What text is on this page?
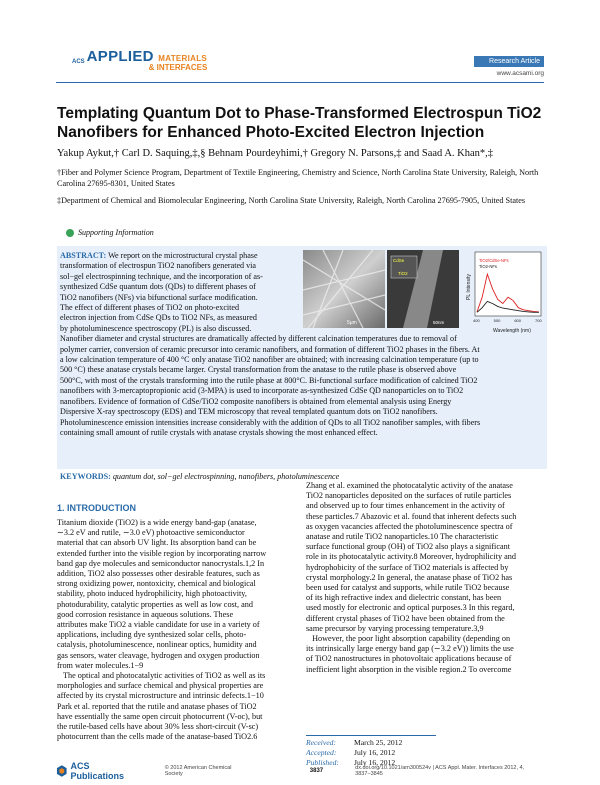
ACS APPLIED MATERIALS
& INTERFACES
Research Article
www.acsami.org
Templating Quantum Dot to Phase-Transformed Electrospun TiO2
Nanofibers for Enhanced Photo-Excited Electron Injection
Yakup Aykut,† Carl D. Saquing,‡,§ Behnam Pourdeyhimi,† Gregory N. Parsons,‡ and Saad A. Khan*,‡
†Fiber and Polymer Science Program, Department of Textile Engineering, Chemistry and Science, North Carolina State University, Raleigh, North Carolina 27695-8301, United States
‡Department of Chemical and Biomolecular Engineering, North Carolina State University, Raleigh, North Carolina 27695-7905, United States
Supporting Information
ABSTRACT: We report on the microstructural crystal phase
transformation of electrospun TiO2 nanofibers generated via
sol−gel electrospinning technique, and the incorporation of as-
synthesized CdSe quantum dots (QDs) to different phases of
TiO2 nanofibers (NFs) via bifunctional surface modification.
The effect of different phases of TiO2 on photo-excited
electron injection from CdSe QDs to TiO2 NFs, as measured
by photoluminescence spectroscopy (PL) is also discussed.
Nanofiber diameter and crystal structures are dramatically affected by different calcination temperatures due to removal of
polymer carrier, conversion of ceramic precursor into ceramic nanofibers, and formation of different TiO2 phases in the fibers. At
a low calcination temperature of 400 °C only anatase TiO2 nanofiber are obtained; with increasing calcination temperature (up to
500 °C) these anatase crystals became larger. Crystal transformation from the anatase to the rutile phase is observed above
500°C, with most of the crystals transforming into the rutile phase at 800°C. Bi-functional surface modification of calcined TiO2
nanofibers with 3-mercaptopropionic acid (3-MPA) is used to incorporate as-synthesized CdSe QD nanoparticles on to TiO2
nanofibers. Evidence of formation of CdSe/TiO2 composite nanofibers is obtained from elemental analysis using Energy
Dispersive X-ray spectroscopy (EDS) and TEM microscopy that reveal templated quantum dots on TiO2 nanofibers.
Photoluminescence emission intensities increase considerably with the addition of QDs to all TiO2 nanofiber samples, with fibers
containing small amount of rutile crystals with anatase crystals showing the most enhanced effect.
KEYWORDS: quantum dot, sol−gel electrospinning, nanofibers, photoluminescence
5μm
CdSe
TiO2
50nm
TiO2/CdSe-NFs
TiO2-NFs
Wavelength (nm)
PL Intensity
400	500	600	700
1. INTRODUCTION
Titanium dioxide (TiO2) is a wide energy band-gap (anatase,
∼3.2 eV and rutile, ∼3.0 eV) photoactive semiconductor
material that can absorb UV light. Its absorption band can be
extended further into the visible region by incorporating narrow
band gap dye molecules and semiconductor nanocrystals.1,2 In
addition, TiO2 also possesses other desirable features, such as
strong oxidizing power, nontoxicity, chemical and biological
stability, photo induced hydrophilicity, high photoactivity,
photodurability, catalytic properties as well as low cost, and
good corrosion resistance in aqueous solutions. These
attributes make TiO2 a viable candidate for use in a variety of
applications, including dye synthesized solar cells, photo-
catalysis, photoluminescence, nonlinear optics, humidity and
gas sensors, water cleavage, hydrogen and oxygen production
from water molecules.1−9
The optical and photocatalytic activities of TiO2 as well as its
morphologies and surface chemical and physical properties are
affected by its crystal microstructure and intrinsic defects.1−10
Park et al. reported that the rutile and anatase phases of TiO2
have essentially the same open circuit photocurrent (V-oc), but
the rutile-based cells have about 30% less short-circuit (V-sc)
photocurrent than the cells made of the anatase-based TiO2.6
Zhang et al. examined the photocatalytic activity of the anatase
TiO2 nanoparticles deposited on the surfaces of rutile particles
and observed up to four times enhancement in the activity of
these particles.7 Abazovic et al. found that inherent defects such
as oxygen vacancies affected the photoluminescence spectra of
anatase and rutile TiO2 nanoparticles.10 The characteristic
surface functional group (OH) of TiO2 also plays a significant
role in its photocatalytic activity.8 Moreover, hydrophilicity and
hydrophobicity of the surface of TiO2 materials is affected by
crystal morphology.2 In general, the anatase phase of TiO2 has
been used for catalyst and supports, while rutile TiO2 because
of its high refractive index and dielectric constant, has been
used mostly for electronic and optical purposes.3 In this regard,
different crystal phases of TiO2 have been obtained from the
same precursor by varying processing temperature.3,9
However, the poor light absorption capability (depending on
its intrinsically large energy band gap (∼3.2 eV)) limits the use
of TiO2 nanostructures in photovoltaic applications because of
inefficient light absorption in the visible region.2 To overcome
Received: March 25, 2012
Accepted: July 16, 2012
Published: July 16, 2012
ACS Publications
© 2012 American Chemical Society	3837	dx.doi.org/10.1021/am300524v | ACS Appl. Mater. Interfaces 2012, 4, 3837−3845
